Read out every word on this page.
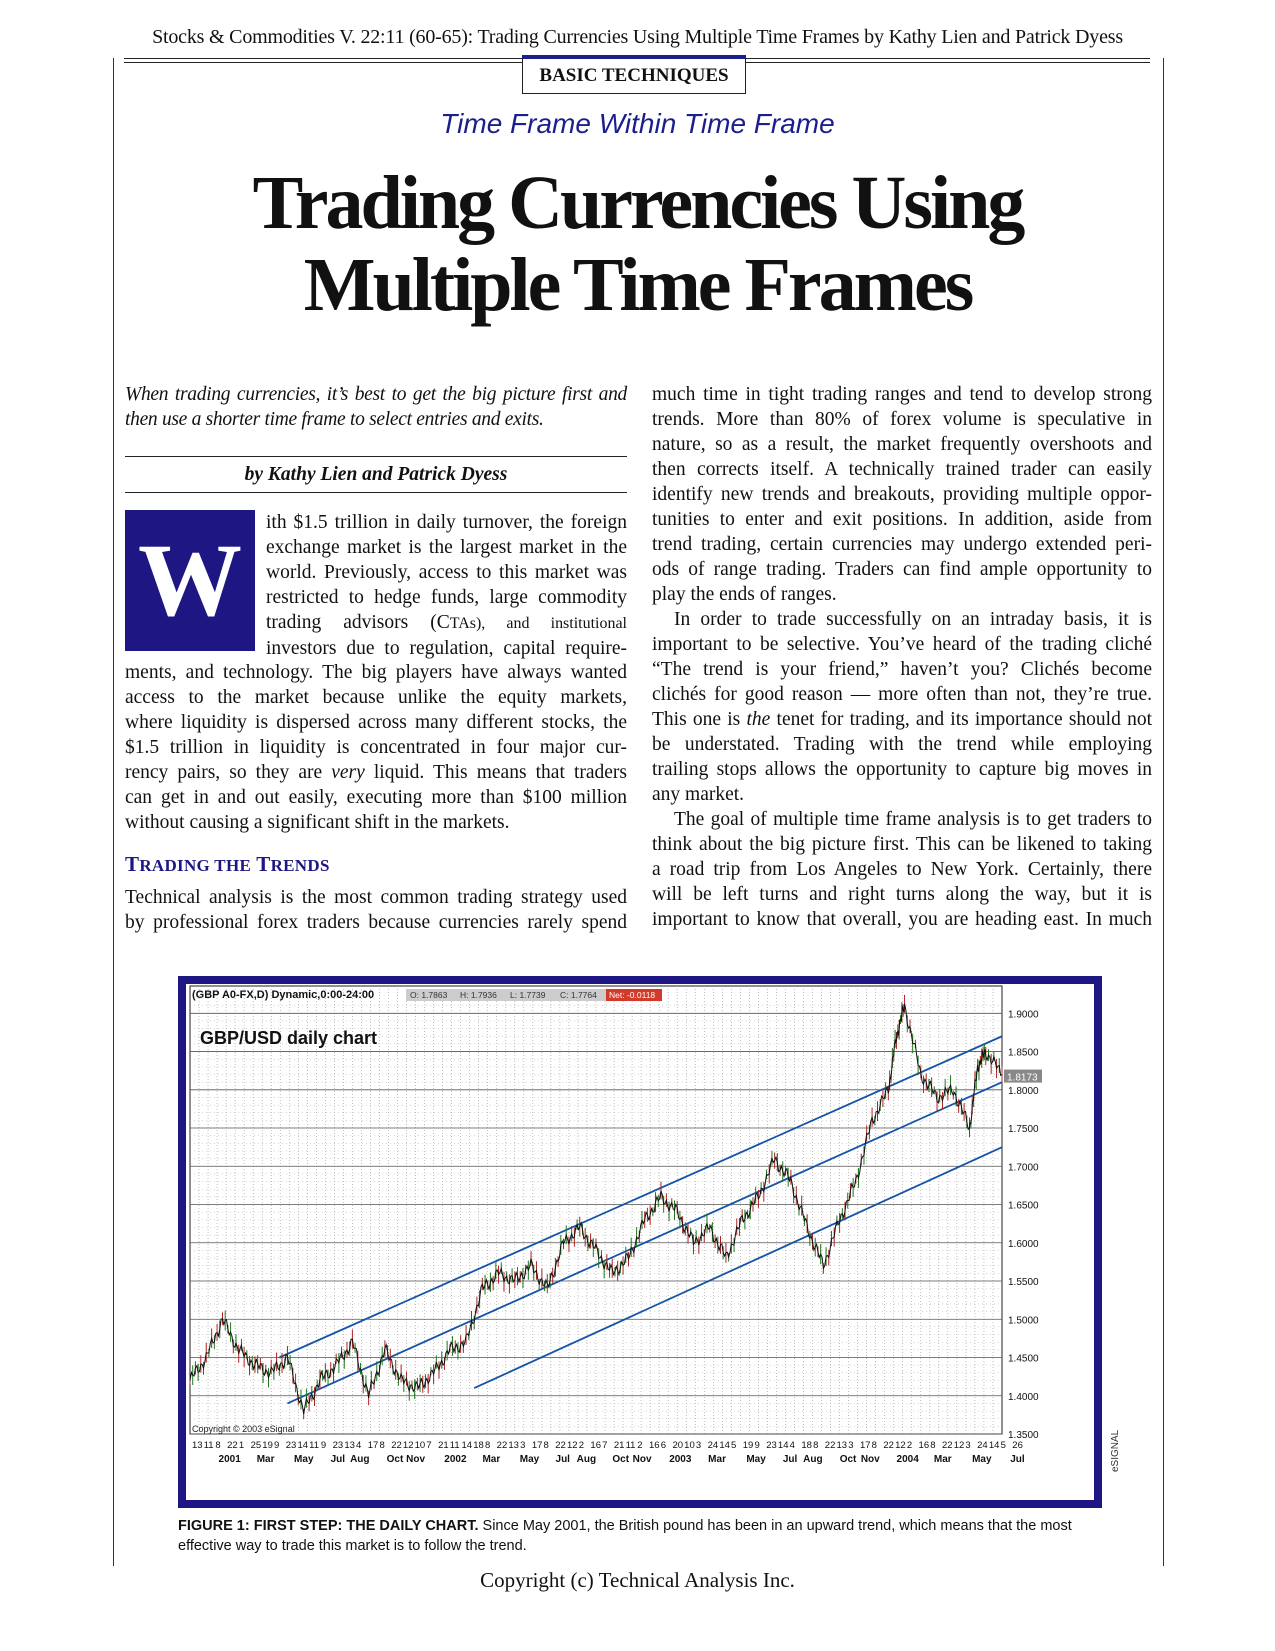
Stocks & Commodities V. 22:11 (60-65): Trading Currencies Using Multiple Time Frames by Kathy Lien and Patrick Dyess
BASIC TECHNIQUES
Time Frame Within Time Frame
Trading Currencies Using
Multiple Time Frames
When trading currencies, it’s best to get the big picture first and
then use a shorter time frame to select entries and exits.
by Kathy Lien and Patrick Dyess
W
ith $1.5 trillion in daily turnover, the foreign
exchange market is the largest market in the
world. Previously, access to this market was
restricted to hedge funds, large commodity
trading advisors (CTAs), and institutional
investors due to regulation, capital require-
ments, and technology. The big players have always wanted
access to the market because unlike the equity markets,
where liquidity is dispersed across many different stocks, the
$1.5 trillion in liquidity is concentrated in four major cur-
rency pairs, so they are very liquid. This means that traders
can get in and out easily, executing more than $100 million
without causing a significant shift in the markets.
TRADING THE TRENDS
Technical analysis is the most common trading strategy used
by professional forex traders because currencies rarely spend
much time in tight trading ranges and tend to develop strong
trends. More than 80% of forex volume is speculative in
nature, so as a result, the market frequently overshoots and
then corrects itself. A technically trained trader can easily
identify new trends and breakouts, providing multiple oppor-
tunities to enter and exit positions. In addition, aside from
trend trading, certain currencies may undergo extended peri-
ods of range trading. Traders can find ample opportunity to
play the ends of ranges.
In order to trade successfully on an intraday basis, it is
important to be selective. You’ve heard of the trading cliché
“The trend is your friend,” haven’t you? Clichés become
clichés for good reason — more often than not, they’re true.
This one is the tenet for trading, and its importance should not
be understated. Trading with the trend while employing
trailing stops allows the opportunity to capture big moves in
any market.
The goal of multiple time frame analysis is to get traders to
think about the big picture first. This can be likened to taking
a road trip from Los Angeles to New York. Certainly, there
will be left turns and right turns along the way, but it is
important to know that overall, you are heading east. In much
1.9000
1.8500
1.8000
1.7500
1.7000
1.6500
1.6000
1.5500
1.5000
1.4500
1.4000
1.3500
(GBP A0-FX,D) Dynamic,0:00-24:00	O: 1.7863 H: 1.7936 L: 1.7739 C: 1.7764 Net: -0.0118
GBP/USD daily chart
1.8173
Copyright © 2003 eSignal
13 11 8 22 1 25 19 9 23 14 11 9 23 13 4 17 8 22 12 10 7 21 11 14 18 8 22 13 3 17 8 22 12 2 16 7 21 11 2 16 6 20 10 3 24 14 5 19 9 23 14 4 18 8 22 13 3 17 8 22 12 2 16 8 22 12 3 24 14 5 26
2001 Mar May Jul Aug Oct Nov 2002 Mar May Jul Aug Oct Nov 2003 Mar May Jul Aug Oct Nov 2004 Mar May Jul	eSIGNAL
FIGURE 1: FIRST STEP: THE DAILY CHART. Since May 2001, the British pound has been in an upward trend, which means that the most effective way to trade this market is to follow the trend.
Copyright (c) Technical Analysis Inc.
